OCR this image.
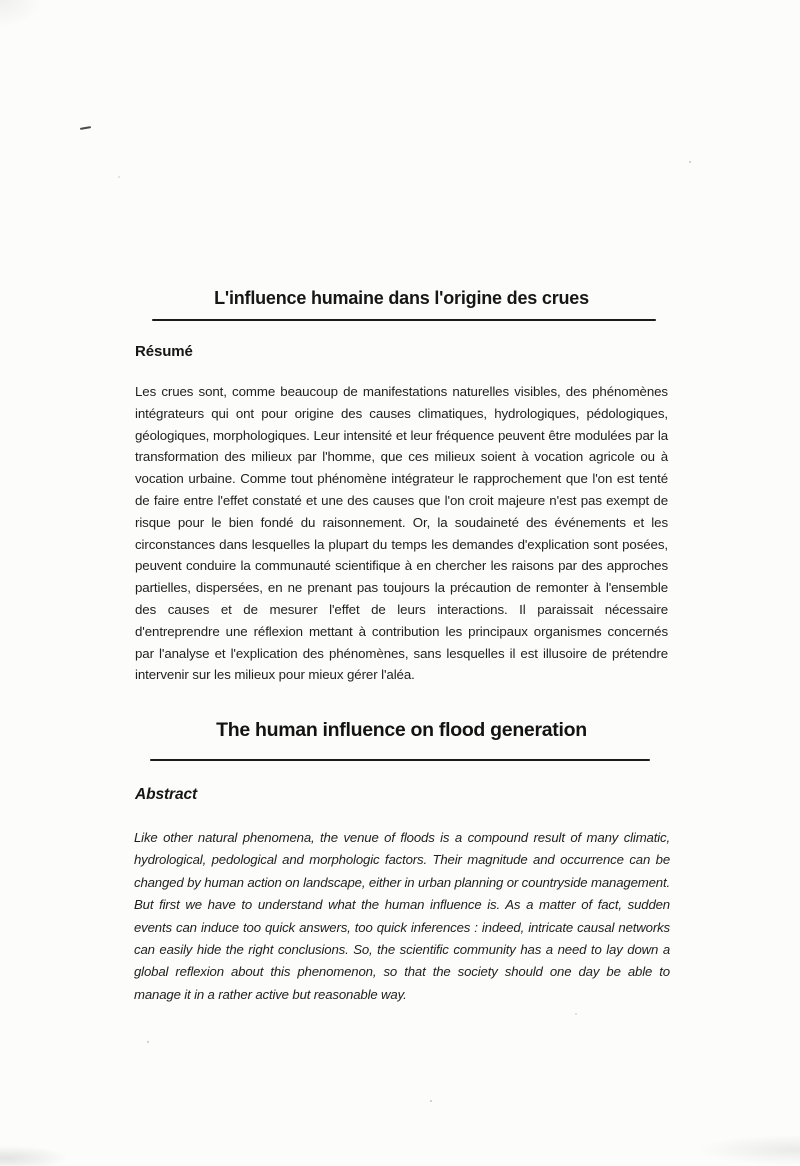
L'influence humaine dans l'origine des crues
Résumé

Les crues sont, comme beaucoup de manifestations naturelles visibles, des phénomènes intégrateurs qui ont pour origine des causes climatiques, hydrologiques, pédologiques, géologiques, morphologiques. Leur intensité et leur fréquence peuvent être modulées par la transformation des milieux par l'homme, que ces milieux soient à vocation agricole ou à vocation urbaine. Comme tout phénomène intégrateur le rapprochement que l'on est tenté de faire entre l'effet constaté et une des causes que l'on croit majeure n'est pas exempt de risque pour le bien fondé du raisonnement. Or, la soudaineté des événements et les circonstances dans lesquelles la plupart du temps les demandes d'explication sont posées, peuvent conduire la communauté scientifique à en chercher les raisons par des approches partielles, dispersées, en ne prenant pas toujours la précaution de remonter à l'ensemble des causes et de mesurer l'effet de leurs interactions. Il paraissait nécessaire d'entreprendre une réflexion mettant à contribution les principaux organismes concernés par l'analyse et l'explication des phénomènes, sans lesquelles il est illusoire de prétendre intervenir sur les milieux pour mieux gérer l'aléa.

The human influence on flood generation
Abstract

Like other natural phenomena, the venue of floods is a compound result of many climatic, hydrological, pedological and morphologic factors. Their magnitude and occurrence can be changed by human action on landscape, either in urban planning or countryside management. But first we have to understand what the human influence is. As a matter of fact, sudden events can induce too quick answers, too quick inferences : indeed, intricate causal networks can easily hide the right conclusions. So, the scientific community has a need to lay down a global reflexion about this phenomenon, so that the society should one day be able to manage it in a rather active but reasonable way.
